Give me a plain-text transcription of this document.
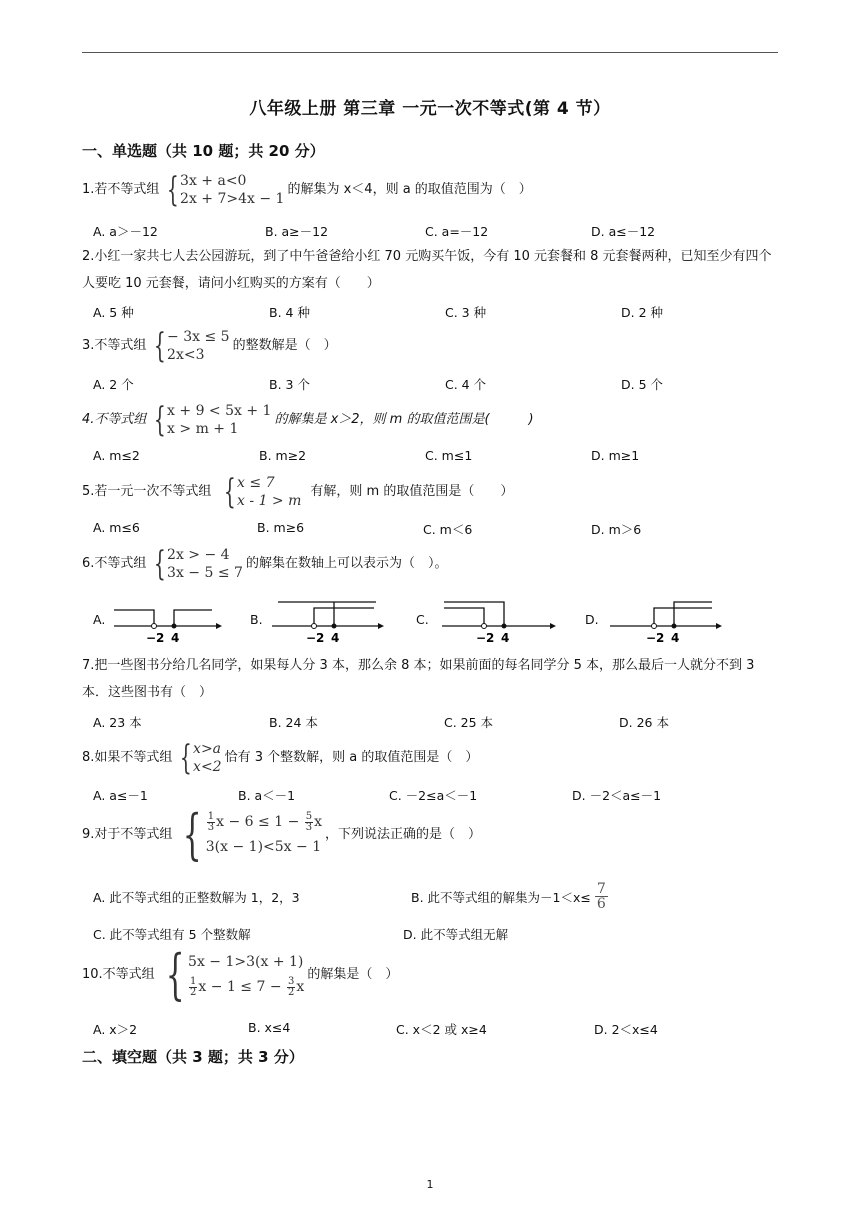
八年级上册 第三章 一元一次不等式(第 4 节）
一、单选题（共 10 题；共 20 分）
1.若不等式组 { 3x + a<0
2x + 7>4x − 1
的解集为 x＜4，则 a 的取值范围为（　）
A. a＞－12	B. a≥－12	C. a=－12	D. a≤－12
2.小红一家共七人去公园游玩，到了中午爸爸给小红 70 元购买午饭，今有 10 元套餐和 8 元套餐两种，已知至少有四个人要吃 10 元套餐，请问小红购买的方案有（　　）
A. 5 种	B. 4 种	C. 3 种	D. 2 种
3.不等式组 { − 3x ≤ 5
2x<3
的整数解是（　）
A. 2 个	B. 3 个	C. 4 个	D. 5 个
4.不等式组 { x + 9 < 5x + 1
x > m + 1
的解集是 x＞2，则 m 的取值范围是(　　　)
A. m≤2	B. m≥2	C. m≤1	D. m≥1
5.若一元一次不等式组 { x ≤ 7
x - 1 > m
有解，则 m 的取值范围是（　　）
A. m≤6	B. m≥6	C. m＜6	D. m＞6
6.不等式组 { 2x > − 4
3x − 5 ≤ 7
的解集在数轴上可以表示为（　）。
A.
−2 4
B.
−2 4
C.
−2 4
D.
−2 4
7.把一些图书分给几名同学，如果每人分 3 本，那么余 8 本；如果前面的每名同学分 5 本，那么最后一人就分不到 3 本．这些图书有（　）
A. 23 本	B. 24 本	C. 25 本	D. 26 本
8.如果不等式组 { x>a
x<2
恰有 3 个整数解，则 a 的取值范围是（　）
A. a≤－1	B. a＜－1	C. －2≤a＜－1	D. －2＜a≤－1
9.对于不等式组 { $\frac{1}{3}$ $x - 6 \le 1 - \frac{5}{3}$ x
3(x − 1)<5x − 1
，下列说法正确的是（　）
A. 此不等式组的正整数解为 1，2，3	B. 此不等式组的解集为$-1<x\le \frac{7}{6}$
C. 此不等式组有 5 个整数解	D. 此不等式组无解
10.不等式组 { 5x − 1>3(x + 1)
$\frac{1}{2}$ $x - 1 \le 7 - \frac{3}{2}$ x
的解集是（　）
A. x＞2	B. x≤4	C. x＜2 或 x≥4	D. 2＜x≤4
二、填空题（共 3 题；共 3 分）
1
